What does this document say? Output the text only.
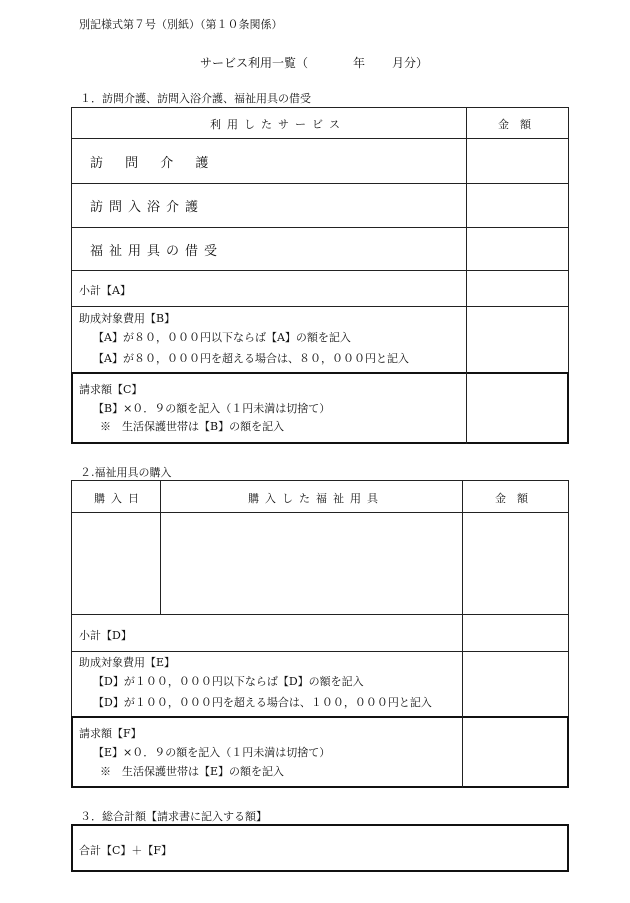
別記様式第７号（別紙）（第１０条関係）
サービス利用一覧（	年 月分）
１．訪問介護、訪問入浴介護、福祉用具の借受
利用したサービス	金　額
訪 問 介 護
訪問入浴介護
福祉用具の借受
小計【A】
助成対象費用【B】
【A】が８０，０００円以下ならば【A】の額を記入
【A】が８０，０００円を超える場合は、８０，０００円と記入
請求額【C】
【B】×０．９の額を記入（１円未満は切捨て）
※　生活保護世帯は【B】の額を記入
２.福祉用具の購入
購入日	購入した福祉用具	金　額
小計【D】
助成対象費用【E】
【D】が１００，０００円以下ならば【D】の額を記入
【D】が１００，０００円を超える場合は、１００，０００円と記入
請求額【F】
【E】×０．９の額を記入（１円未満は切捨て）
※　生活保護世帯は【E】の額を記入
３．総合計額【請求書に記入する額】
合計【C】＋【F】
